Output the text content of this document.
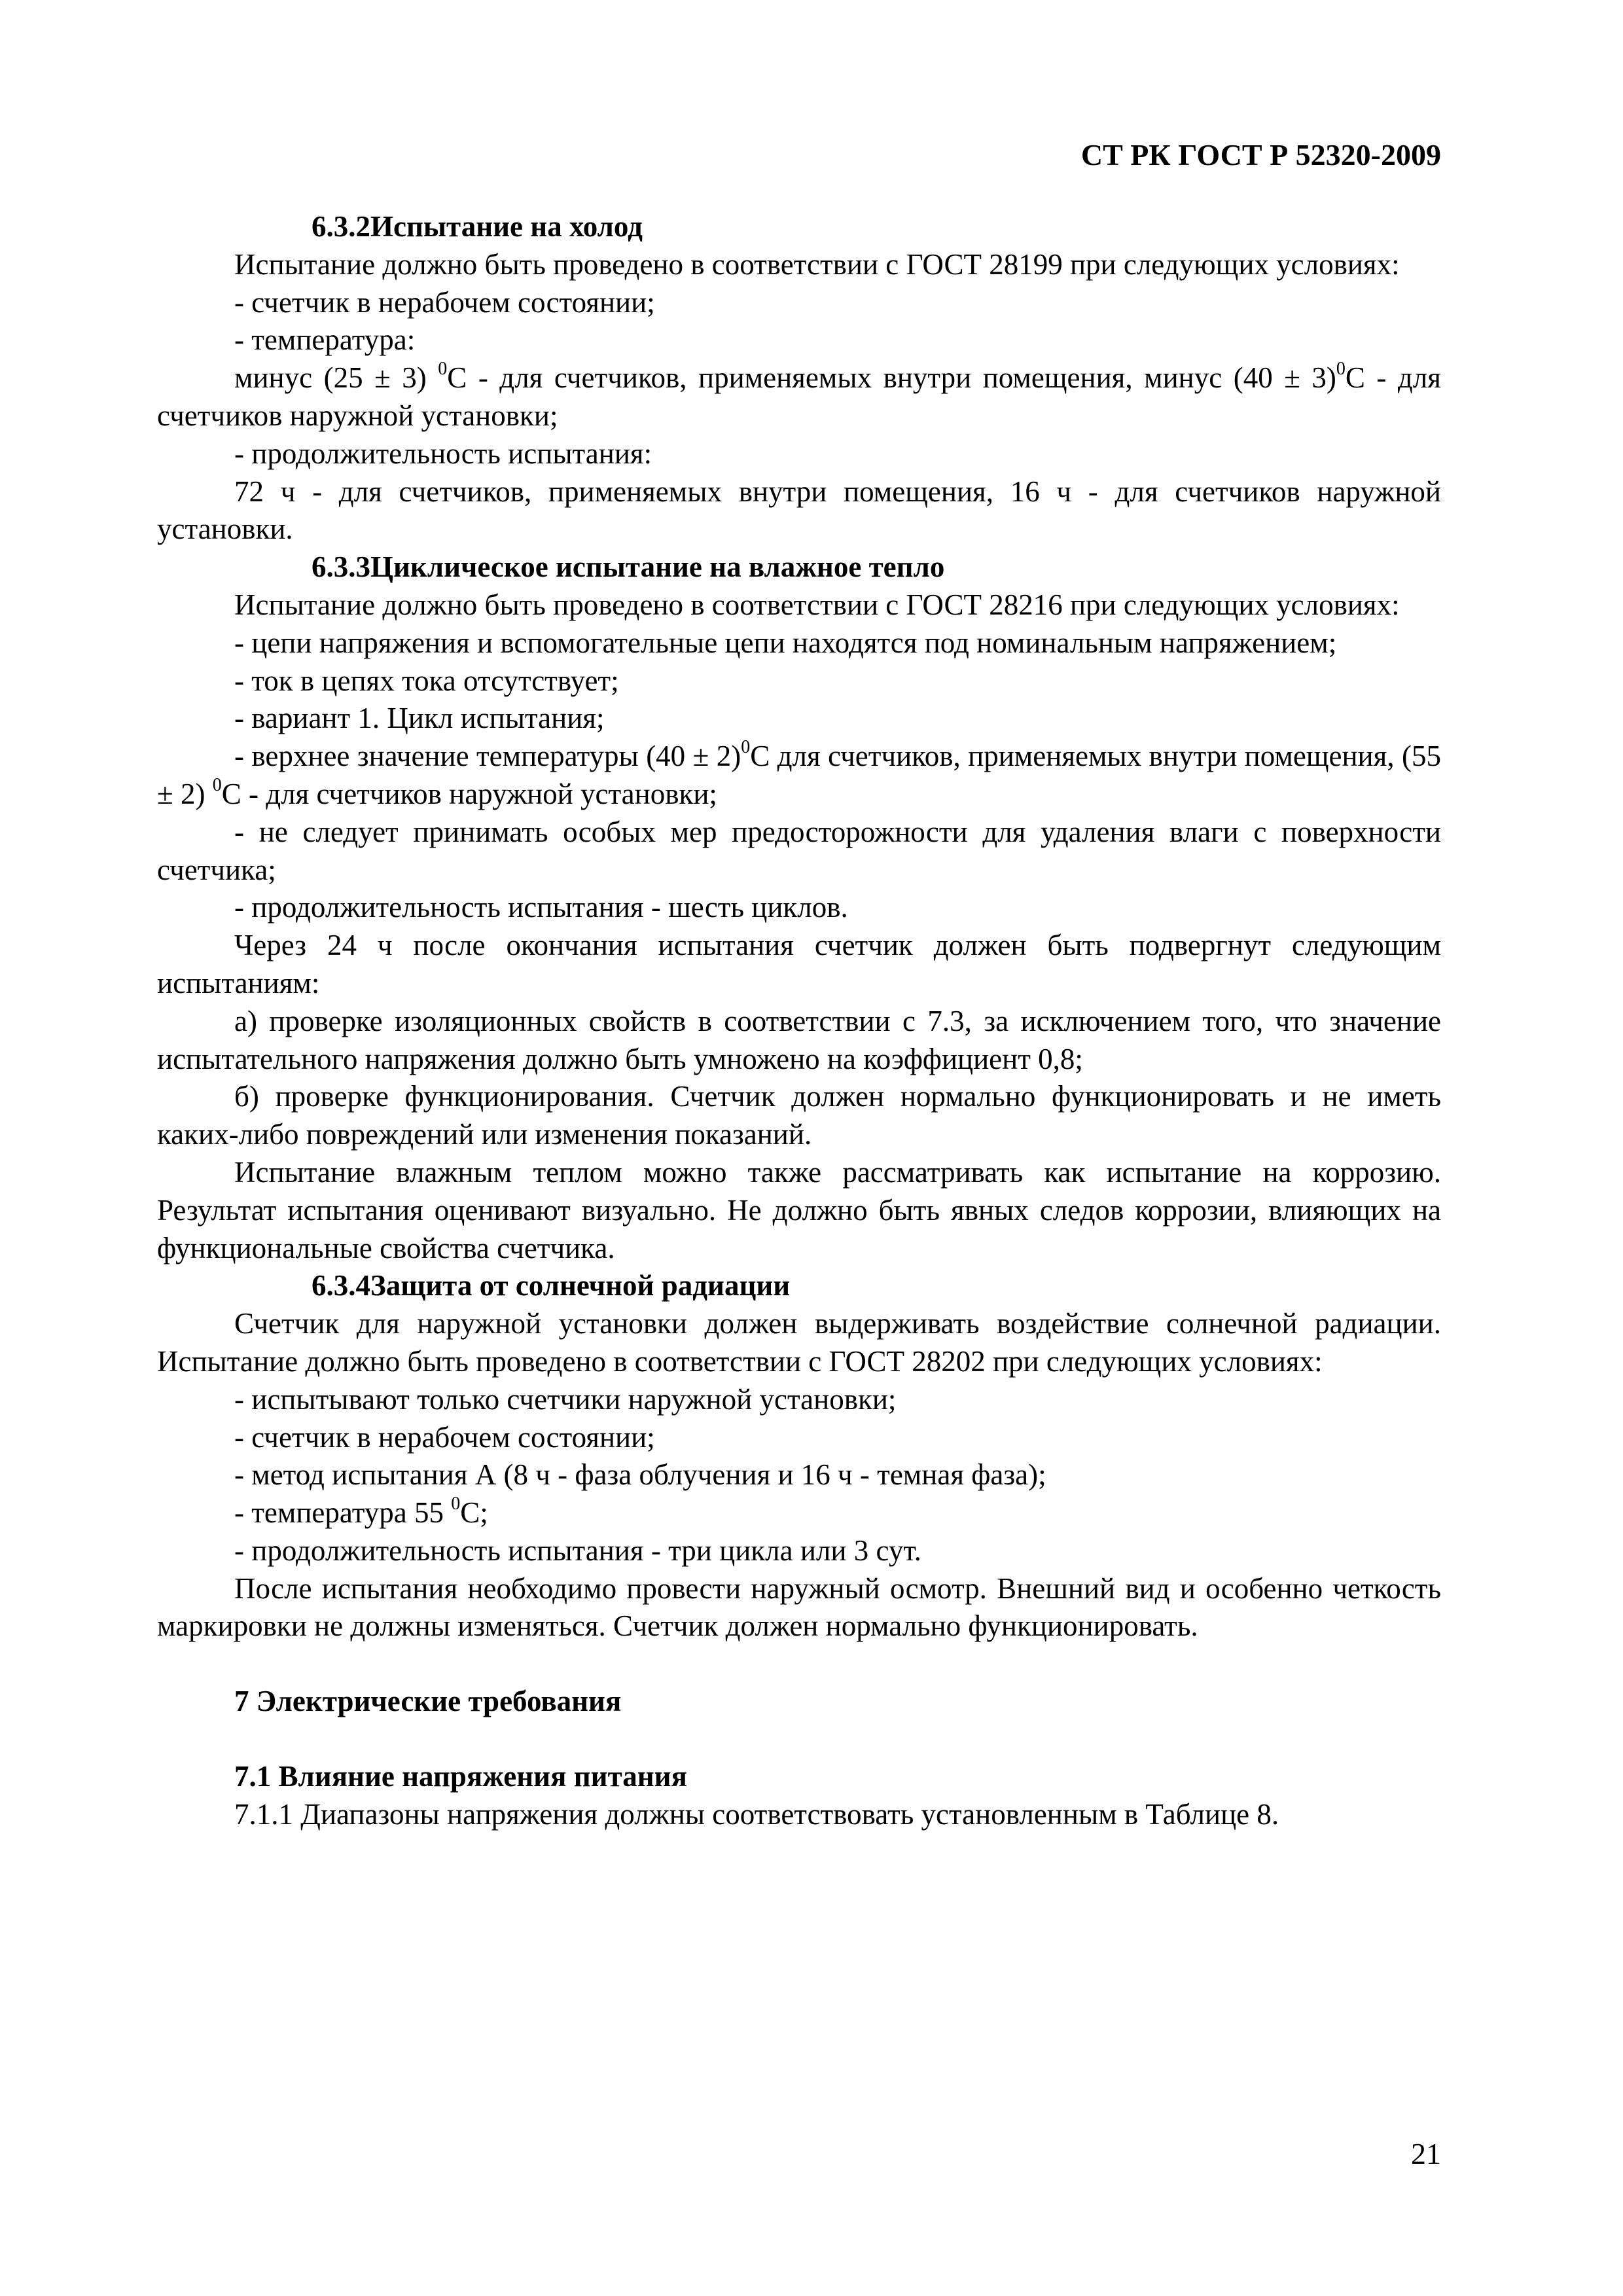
СТ РК ГОСТ Р 52320-2009

6.3.2Испытание на холод

Испытание должно быть проведено в соответствии с ГОСТ 28199 при следующих условиях:

- счетчик в нерабочем состоянии;

- температура:

минус (25 ± 3) $^0$С - для счетчиков, применяемых внутри помещения, минус $(40 \pm 3)^0С$ - для счетчиков наружной установки;

- продолжительность испытания:

72 ч - для счетчиков, применяемых внутри помещения, 16 ч - для счетчиков наружной установки.

6.3.3Циклическое испытание на влажное тепло

Испытание должно быть проведено в соответствии с ГОСТ 28216 при следующих условиях:

- цепи напряжения и вспомогательные цепи находятся под номинальным напряжением;

- ток в цепях тока отсутствует;

- вариант 1. Цикл испытания;

- верхнее значение температуры $(40 \pm 2)^0С$ для счетчиков, применяемых внутри помещения, (55 ± 2) $^0$С - для счетчиков наружной установки;

- не следует принимать особых мер предосторожности для удаления влаги с поверхности счетчика;

- продолжительность испытания - шесть циклов.

Через 24 ч после окончания испытания счетчик должен быть подвергнут следующим испытаниям:

а) проверке изоляционных свойств в соответствии с 7.3, за исключением того, что значение испытательного напряжения должно быть умножено на коэффициент 0,8;

б) проверке функционирования. Счетчик должен нормально функционировать и не иметь каких-либо повреждений или изменения показаний.

Испытание влажным теплом можно также рассматривать как испытание на коррозию. Результат испытания оценивают визуально. Не должно быть явных следов коррозии, влияющих на функциональные свойства счетчика.

6.3.4Защита от солнечной радиации

Счетчик для наружной установки должен выдерживать воздействие солнечной радиации. Испытание должно быть проведено в соответствии с ГОСТ 28202 при следующих условиях:

- испытывают только счетчики наружной установки;

- счетчик в нерабочем состоянии;

- метод испытания А (8 ч - фаза облучения и 16 ч - темная фаза);

- температура 55 $^0$С;

- продолжительность испытания - три цикла или 3 сут.

После испытания необходимо провести наружный осмотр. Внешний вид и особенно четкость маркировки не должны изменяться. Счетчик должен нормально функционировать.

7 Электрические требования

7.1 Влияние напряжения питания

7.1.1 Диапазоны напряжения должны соответствовать установленным в Таблице 8.

21
